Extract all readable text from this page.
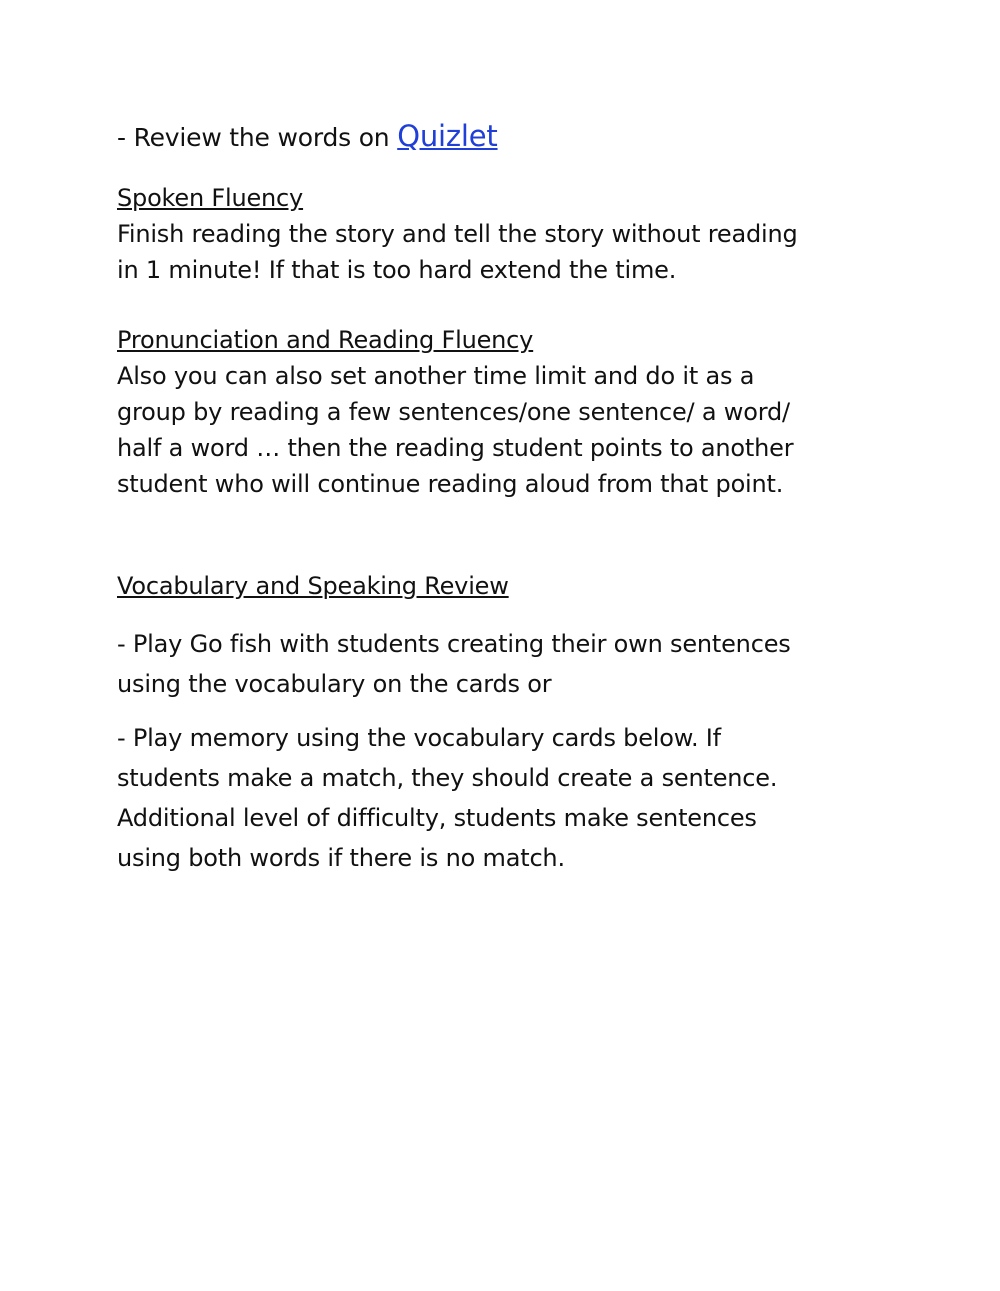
- Review the words on Quizlet
Spoken Fluency
Finish reading the story and tell the story without reading
in 1 minute! If that is too hard extend the time.
Pronunciation and Reading Fluency
Also you can also set another time limit and do it as a
group by reading a few sentences/one sentence/ a word/
half a word … then the reading student points to another
student who will continue reading aloud from that point.
Vocabulary and Speaking Review
- Play Go fish with students creating their own sentences
using the vocabulary on the cards or
- Play memory using the vocabulary cards below. If
students make a match, they should create a sentence.
Additional level of difficulty, students make sentences
using both words if there is no match.
